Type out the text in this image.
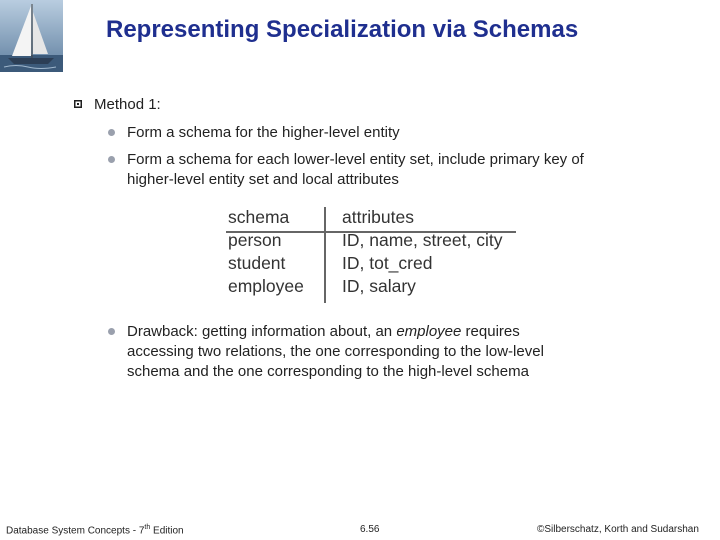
Representing Specialization via Schemas
Method 1:
Form a schema for the higher-level entity
Form a schema for each lower-level entity set, include primary key of
higher-level entity set and local attributes
schema	attributes
person	ID, name, street, city
student	ID, tot_cred
employee ID, salary
Drawback: getting information about, an employee requires
accessing two relations, the one corresponding to the low-level
schema and the one corresponding to the high-level schema
Database System Concepts - 7th Edition	6.56	©Silberschatz, Korth and Sudarshan
